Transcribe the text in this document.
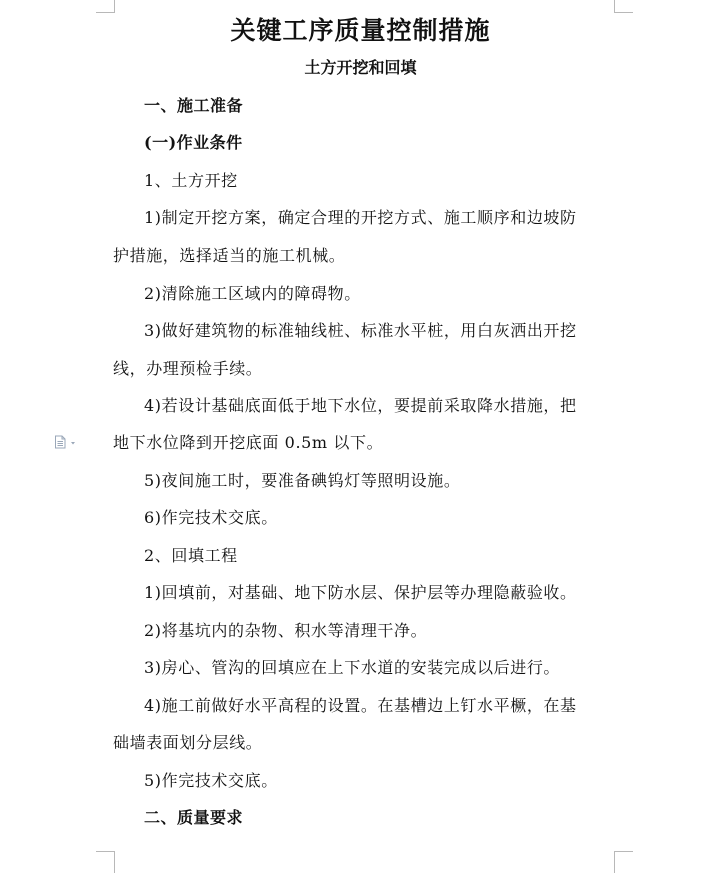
关键工序质量控制措施
土方开挖和回填
一、施工准备
(一)作业条件
1、土方开挖
1)制定开挖方案，确定合理的开挖方式、施工顺序和边坡防
护措施，选择适当的施工机械。
2)清除施工区域内的障碍物。
3)做好建筑物的标准轴线桩、标准水平桩，用白灰洒出开挖
线，办理预检手续。
4)若设计基础底面低于地下水位，要提前采取降水措施，把
地下水位降到开挖底面 0.5m 以下。
5)夜间施工时，要准备碘钨灯等照明设施。
6)作完技术交底。
2、回填工程
1)回填前，对基础、地下防水层、保护层等办理隐蔽验收。
2)将基坑内的杂物、积水等清理干净。
3)房心、管沟的回填应在上下水道的安装完成以后进行。
4)施工前做好水平高程的设置。在基槽边上钉水平橛，在基
础墙表面划分层线。
5)作完技术交底。
二、质量要求
